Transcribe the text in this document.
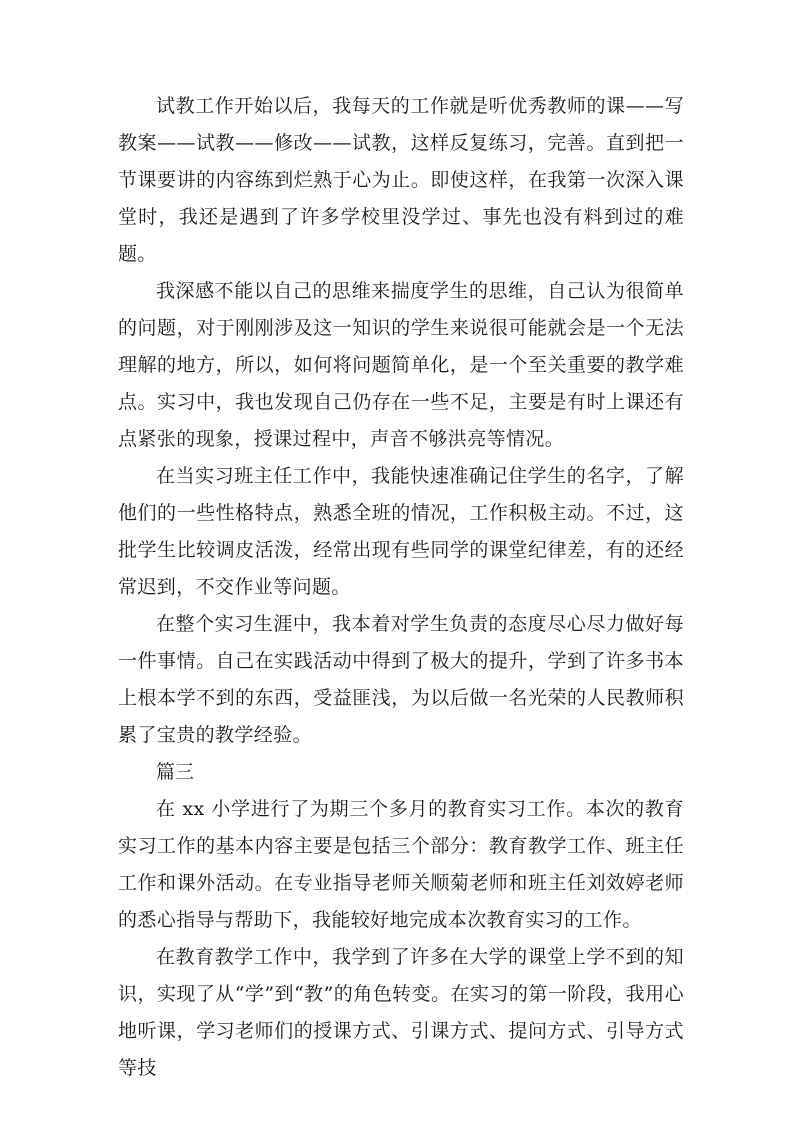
试教工作开始以后，我每天的工作就是听优秀教师的课——写教案——试教——修改——试教，这样反复练习，完善。直到把一节课要讲的内容练到烂熟于心为止。即使这样，在我第一次深入课堂时，我还是遇到了许多学校里没学过、事先也没有料到过的难题。

我深感不能以自己的思维来揣度学生的思维，自己认为很简单的问题，对于刚刚涉及这一知识的学生来说很可能就会是一个无法理解的地方，所以，如何将问题简单化，是一个至关重要的教学难点。实习中，我也发现自己仍存在一些不足，主要是有时上课还有点紧张的现象，授课过程中，声音不够洪亮等情况。

在当实习班主任工作中，我能快速准确记住学生的名字，了解他们的一些性格特点，熟悉全班的情况，工作积极主动。不过，这批学生比较调皮活泼，经常出现有些同学的课堂纪律差，有的还经常迟到，不交作业等问题。

在整个实习生涯中，我本着对学生负责的态度尽心尽力做好每一件事情。自己在实践活动中得到了极大的提升，学到了许多书本上根本学不到的东西，受益匪浅，为以后做一名光荣的人民教师积累了宝贵的教学经验。

篇三

在 xx 小学进行了为期三个多月的教育实习工作。本次的教育实习工作的基本内容主要是包括三个部分：教育教学工作、班主任工作和课外活动。在专业指导老师关顺菊老师和班主任刘效婷老师的悉心指导与帮助下，我能较好地完成本次教育实习的工作。

在教育教学工作中，我学到了许多在大学的课堂上学不到的知识，实现了从“学”到“教”的角色转变。在实习的第一阶段，我用心地听课，学习老师们的授课方式、引课方式、提问方式、引导方式等技
